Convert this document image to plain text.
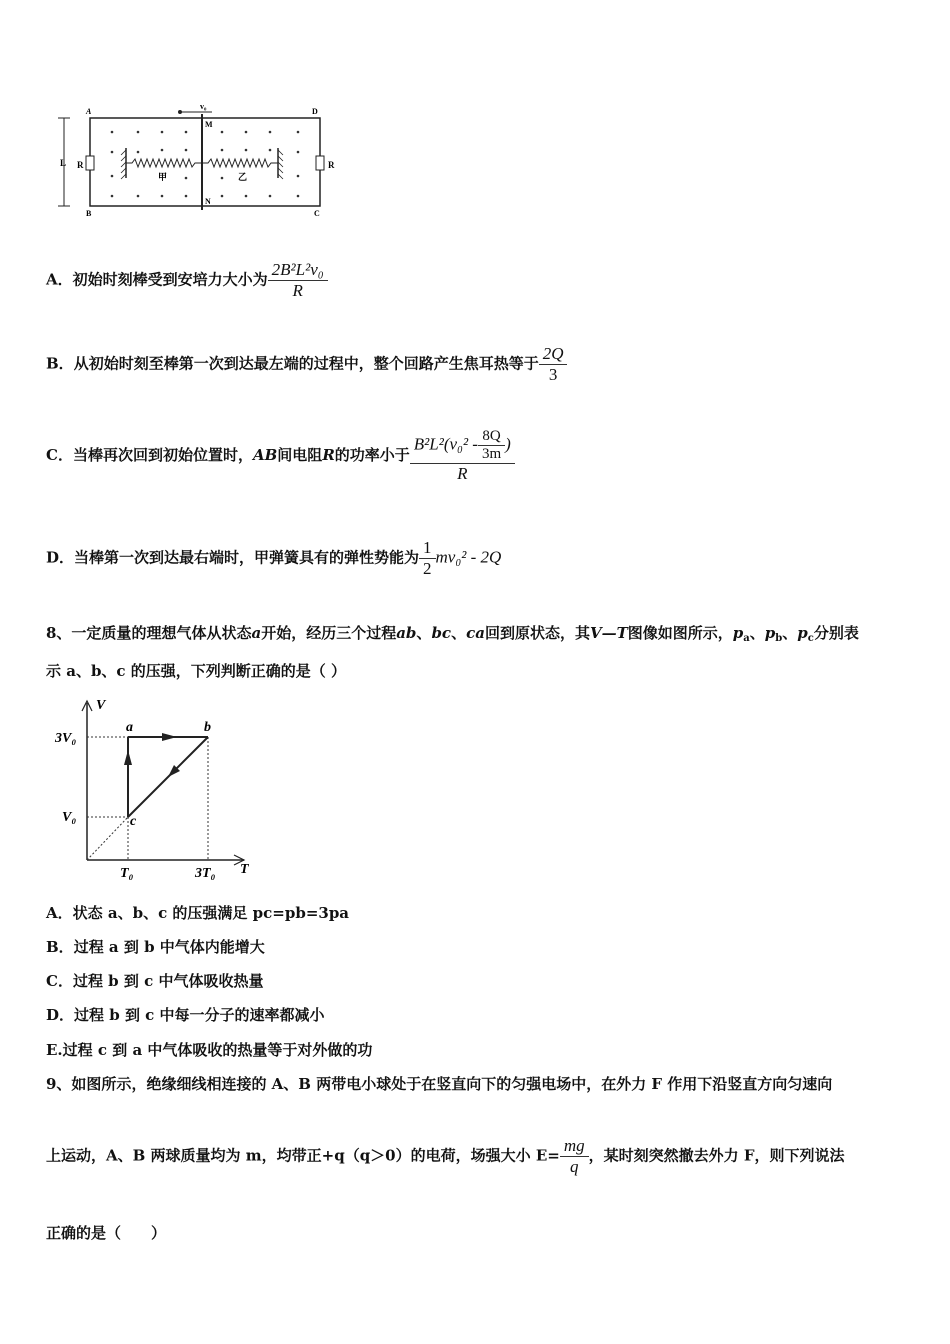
L R	R
A	D
B	C
M
N
v₀
甲	乙
A．初始时刻棒受到安培力大小为 $\frac{\text{2B²L²v₀}}{R}$
B．从初始时刻至棒第一次到达最左端的过程中，整个回路产生焦耳热等于 $\frac{2Q}{3}$
C．当棒再次回到初始位置时，AB间电阻R的功率小于 $\frac{B^2L^2(v_0^2 - \frac{8Q}{3m} )}{R}$
D．当棒第一次到达最右端时，甲弹簧具有的弹性势能为 $\frac{1}{2} mv_0^2 - 2Q$
8、一定质量的理想气体从状态a开始，经历三个过程ab、bc、ca回到原状态，其V—T图像如图所示，$p_a$、$p_b$、$p_c$分别表
示 a、b、c 的压强，下列判断正确的是（ ）
V
T
3V₀
V₀
T₀	3T₀
a	b
c
A．状态 a、b、c 的压强满足 pc=pb=3pa
B．过程 a 到 b 中气体内能增大
C．过程 b 到 c 中气体吸收热量
D．过程 b 到 c 中每一分子的速率都减小
E.过程 c 到 a 中气体吸收的热量等于对外做的功
9、如图所示，绝缘细线相连接的 A、B 两带电小球处于在竖直向下的匀强电场中，在外力 F 作用下沿竖直方向匀速向
上运动，A、B 两球质量均为 m，均带正+q（q＞0）的电荷，场强大小 $E= \frac{mg}{q}$ ，某时刻突然撤去外力 F，则下列说法
正确的是（　　）
